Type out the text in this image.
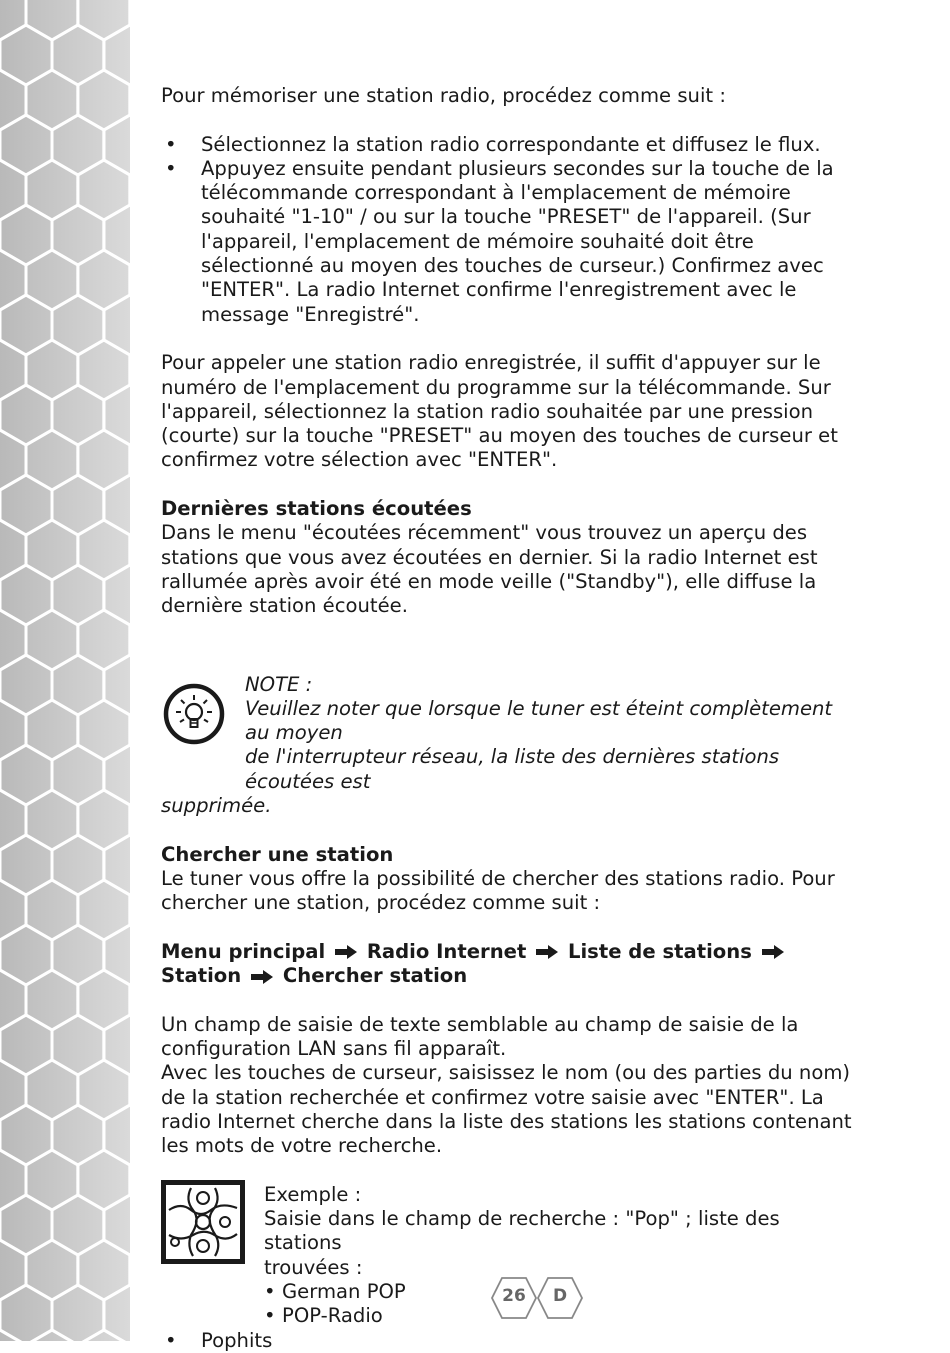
Pour mémoriser une station radio, procédez comme suit :

• Sélectionnez la station radio correspondante et diffusez le flux.
• Appuyez ensuite pendant plusieurs secondes sur la touche de la télécommande correspondant à l'emplacement de mémoire souhaité "1-10" / ou sur la touche "PRESET" de l'appareil. (Sur l'appareil, l'emplacement de mémoire souhaité doit être sélectionné au moyen des touches de curseur.) Confirmez avec "ENTER". La radio Internet confirme l'enregistrement avec le message "Enregistré".

Pour appeler une station radio enregistrée, il suffit d'appuyer sur le numéro de l'emplacement du programme sur la télécommande. Sur l'appareil, sélectionnez la station radio souhaitée par une pression (courte) sur la touche "PRESET" au moyen des touches de curseur et confirmez votre sélection avec "ENTER".

Dernières stations écoutées

Dans le menu "écoutées récemment" vous trouvez un aperçu des stations que vous avez écoutées en dernier. Si la radio Internet est rallumée après avoir été en mode veille ("Standby"), elle diffuse la dernière station écoutée.

NOTE :

Veuillez noter que lorsque le tuner est éteint complètement au moyen

de l'interrupteur réseau, la liste des dernières stations écoutées est

supprimée.

Chercher une station

Le tuner vous offre la possibilité de chercher des stations radio. Pour chercher une station, procédez comme suit :

Menu principal Radio Internet Liste de stations  Station Chercher station

Un champ de saisie de texte semblable au champ de saisie de la configuration LAN sans fil apparaît.

Avec les touches de curseur, saisissez le nom (ou des parties du nom) de la station recherchée et confirmez votre saisie avec "ENTER". La radio Internet cherche dans la liste des stations les stations contenant les mots de votre recherche.

Exemple :

Saisie dans le champ de recherche : "Pop" ; liste des stations

trouvées :

• German POP

• POP-Radio

• Pophits
26	D
